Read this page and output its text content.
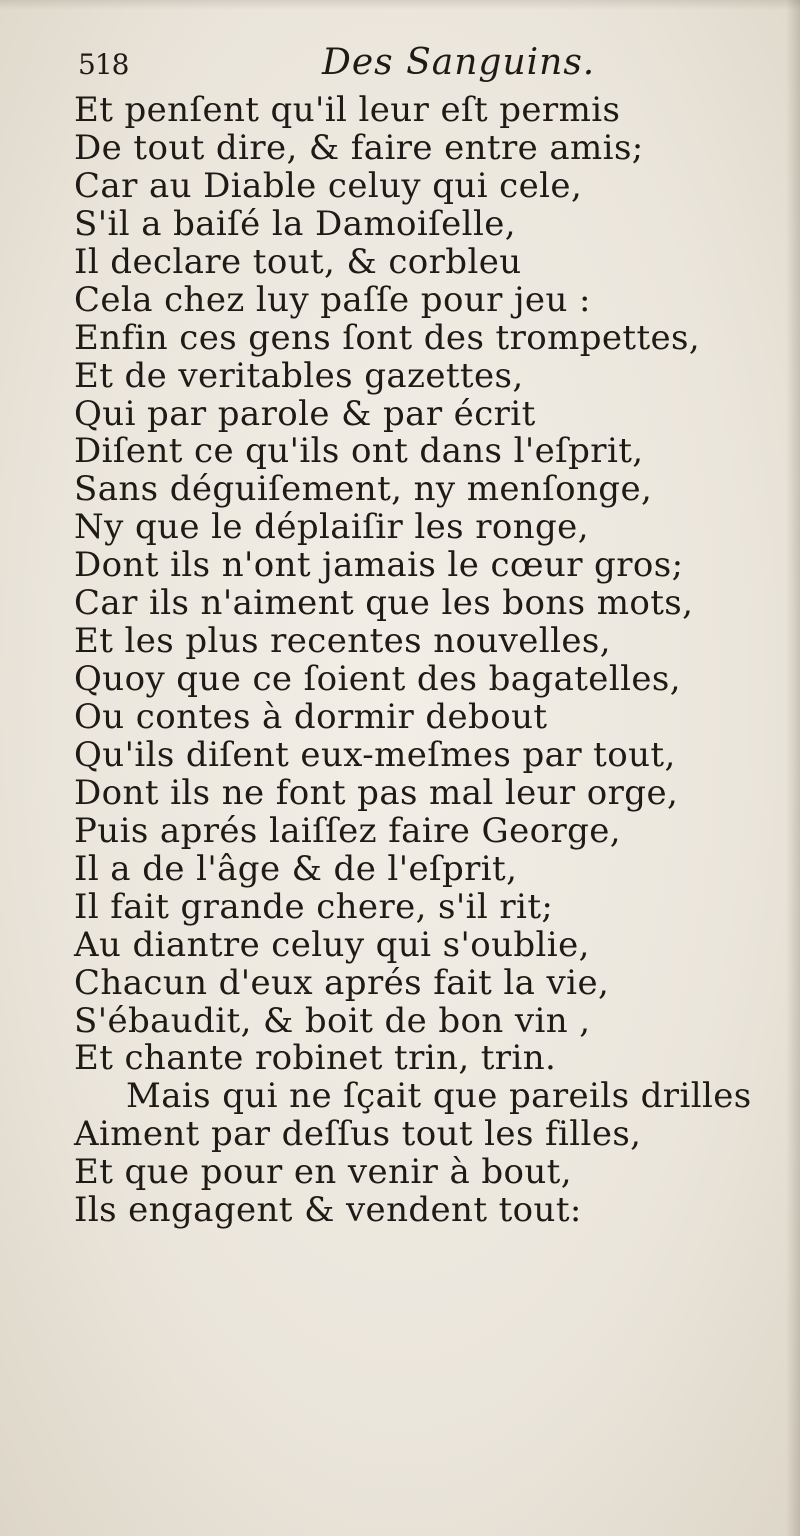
518	Des Sanguins.
Et penſent qu'il leur eſt permis
De tout dire, & faire entre amis;
Car au Diable celuy qui cele,
S'il a baiſé la Damoiſelle,
Il declare tout, & corbleu
Cela chez luy paſſe pour jeu :
Enfin ces gens ſont des trompettes,
Et de veritables gazettes,
Qui par parole & par écrit
Diſent ce qu'ils ont dans l'eſprit,
Sans déguiſement, ny menſonge,
Ny que le déplaiſir les ronge,
Dont ils n'ont jamais le cœur gros;
Car ils n'aiment que les bons mots,
Et les plus recentes nouvelles,
Quoy que ce ſoient des bagatelles,
Ou contes à dormir debout
Qu'ils diſent eux-meſmes par tout,
Dont ils ne font pas mal leur orge,
Puis aprés laiſſez faire George,
Il a de l'âge & de l'eſprit,
Il fait grande chere, s'il rit;
Au diantre celuy qui s'oublie,
Chacun d'eux aprés fait la vie,
S'ébaudit, & boit de bon vin ,
Et chante robinet trin, trin.
Mais qui ne ſçait que pareils drilles
Aiment par deſſus tout les filles,
Et que pour en venir à bout,
Ils engagent & vendent tout:
